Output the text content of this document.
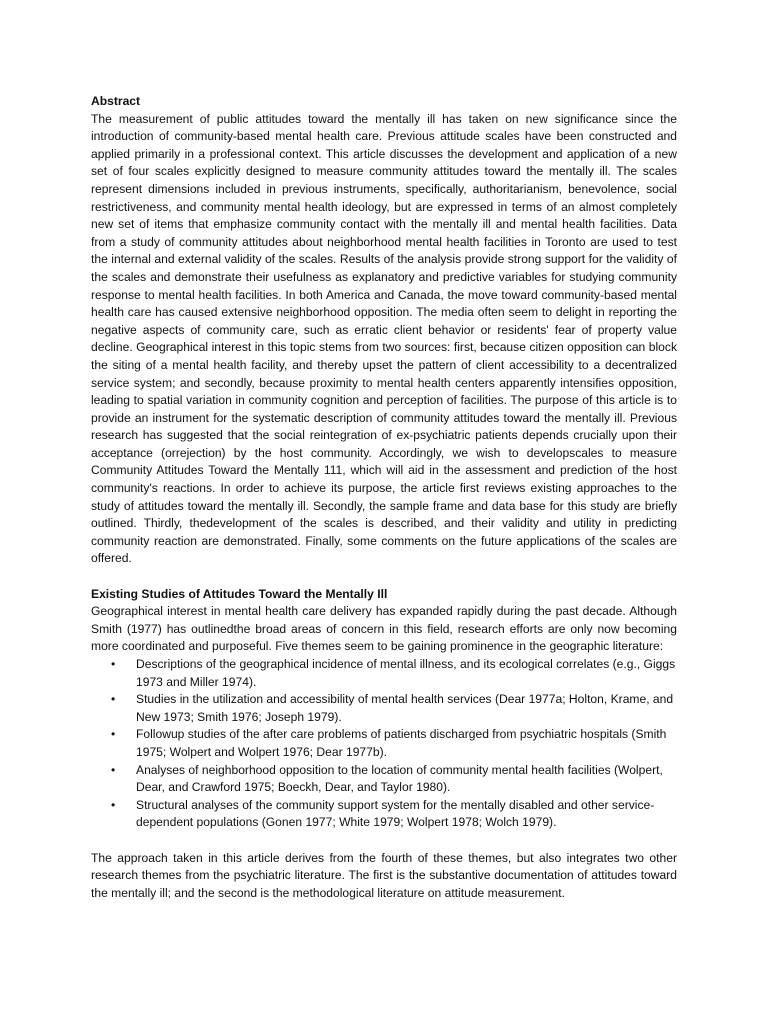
Abstract

The measurement of public attitudes toward the mentally ill has taken on new significance since the introduction of community-based mental health care. Previous attitude scales have been constructed and applied primarily in a professional context. This article discusses the development and application of a new set of four scales explicitly designed to measure community attitudes toward the mentally ill. The scales represent dimensions included in previous instruments, specifically, authoritarianism, benevolence, social restrictiveness, and community mental health ideology, but are expressed in terms of an almost completely new set of items that emphasize community contact with the mentally ill and mental health facilities. Data from a study of community attitudes about neighborhood mental health facilities in Toronto are used to test the internal and external validity of the scales. Results of the analysis provide strong support for the validity of the scales and demonstrate their usefulness as explanatory and predictive variables for studying community response to mental health facilities. In both America and Canada, the move toward community-based mental health care has caused extensive neighborhood opposition. The media often seem to delight in reporting the negative aspects of community care, such as erratic client behavior or residents' fear of property value decline. Geographical interest in this topic stems from two sources: first, because citizen opposition can block the siting of a mental health facility, and thereby upset the pattern of client accessibility to a decentralized service system; and secondly, because proximity to mental health centers apparently intensifies opposition, leading to spatial variation in community cognition and perception of facilities. The purpose of this article is to provide an instrument for the systematic description of community attitudes toward the mentally ill. Previous research has suggested that the social reintegration of ex-psychiatric patients depends crucially upon their acceptance (orrejection) by the host community. Accordingly, we wish to developscales to measure Community Attitudes Toward the Mentally 111, which will aid in the assessment and prediction of the host community's reactions. In order to achieve its purpose, the article first reviews existing approaches to the study of attitudes toward the mentally ill. Secondly, the sample frame and data base for this study are briefly outlined. Thirdly, thedevelopment of the scales is described, and their validity and utility in predicting community reaction are demonstrated. Finally, some comments on the future applications of the scales are offered.

Existing Studies of Attitudes Toward the Mentally Ill

Geographical interest in mental health care delivery has expanded rapidly during the past decade. Although Smith (1977) has outlinedthe broad areas of concern in this field, research efforts are only now becoming more coordinated and purposeful. Five themes seem to be gaining prominence in the geographic literature:

• Descriptions of the geographical incidence of mental illness, and its ecological correlates (e.g., Giggs 1973 and Miller 1974).
• Studies in the utilization and accessibility of mental health services (Dear 1977a; Holton, Krame, and New 1973; Smith 1976; Joseph 1979).
• Followup studies of the after care problems of patients discharged from psychiatric hospitals (Smith 1975; Wolpert and Wolpert 1976; Dear 1977b).
• Analyses of neighborhood opposition to the location of community mental health facilities (Wolpert, Dear, and Crawford 1975; Boeckh, Dear, and Taylor 1980).
• Structural analyses of the community support system for the mentally disabled and other service-dependent populations (Gonen 1977; White 1979; Wolpert 1978; Wolch 1979).

The approach taken in this article derives from the fourth of these themes, but also integrates two other research themes from the psychiatric literature. The first is the substantive documentation of attitudes toward the mentally ill; and the second is the methodological literature on attitude measurement.
